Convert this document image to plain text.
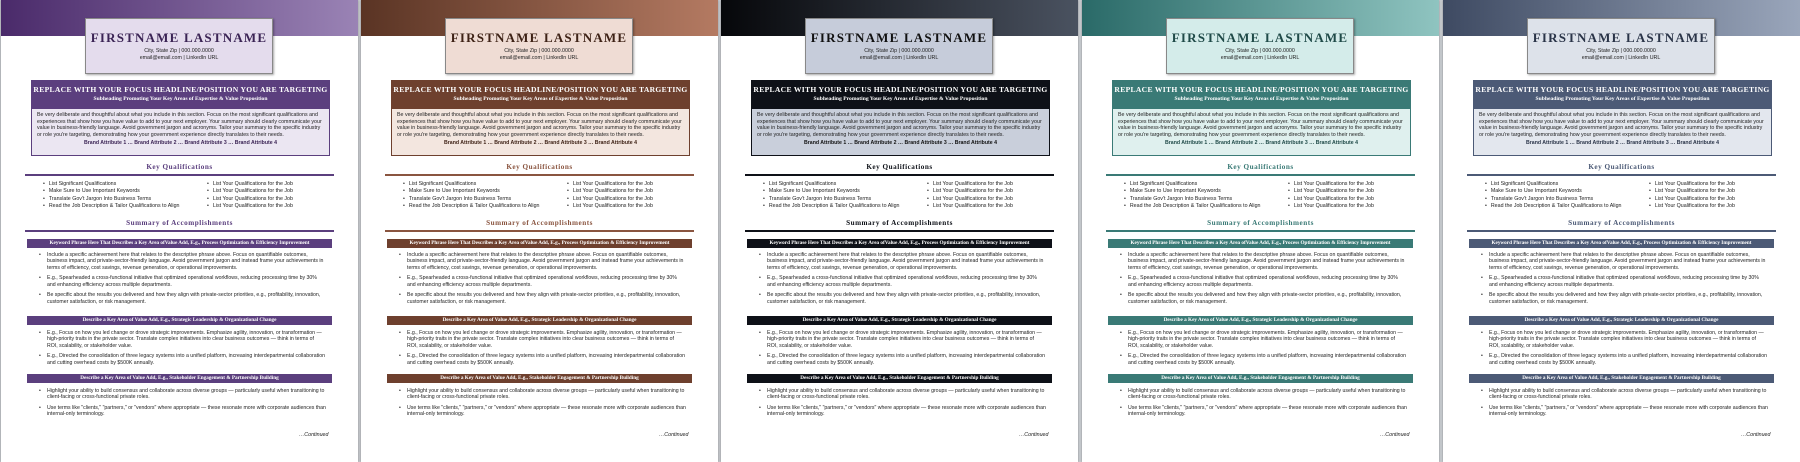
FIRSTNAME LASTNAME
City, State Zip | 000.000.0000
email@email.com | LinkedIn URL
REPLACE WITH YOUR FOCUS HEADLINE/POSITION YOU ARE TARGETING
Subheading Promoting Your Key Areas of Expertise & Value Proposition
Be very deliberate and thoughtful about what you include in this section. Focus on the most significant qualifications and experiences that show how you have value to add to your next employer. Your summary should clearly communicate your value in business-friendly language. Avoid government jargon and acronyms. Tailor your summary to the specific industry or role you're targeting, demonstrating how your government experience directly translates to their needs.
Brand Attribute 1 … Brand Attribute 2 … Brand Attribute 3 … Brand Attribute 4
Key Qualifications
• List Significant Qualifications	• List Your Qualifications for the Job
• Make Sure to Use Important Keywords	• List Your Qualifications for the Job
• Translate Gov't Jargon Into Business Terms	• List Your Qualifications for the Job
• Read the Job Description & Tailor Qualifications to Align	• List Your Qualifications for the Job
Summary of Accomplishments
Keyword Phrase Here That Describes a Key Area ofValue Add, E.g., Process Optimization & Efficiency Improvement
• Include a specific achievement here that relates to the descriptive phrase above. Focus on quantifiable outcomes, business impact, and private-sector-friendly language. Avoid government jargon and instead frame your achievements in terms of efficiency, cost savings, revenue generation, or operational improvements.
• E.g., Spearheaded a cross-functional initiative that optimized operational workflows, reducing processing time by 30% and enhancing efficiency across multiple departments.
• Be specific about the results you delivered and how they align with private-sector priorities, e.g., profitability, innovation, customer satisfaction, or risk management.
Describe a Key Area of Value Add, E.g., Strategic Leadership & Organizational Change
• E.g., Focus on how you led change or drove strategic improvements. Emphasize agility, innovation, or transformation — high-priority traits in the private sector. Translate complex initiatives into clear business outcomes — think in terms of ROI, scalability, or stakeholder value.
• E.g., Directed the consolidation of three legacy systems into a unified platform, increasing interdepartmental collaboration and cutting overhead costs by $500K annually.
Describe a Key Area of Value Add, E.g., Stakeholder Engagement & Partnership Building
• Highlight your ability to build consensus and collaborate across diverse groups — particularly useful when transitioning to client-facing or cross-functional private roles.
• Use terms like "clients," "partners," or "vendors" where appropriate — these resonate more with corporate audiences than internal-only terminology.
…Continued
FIRSTNAME LASTNAME
City, State Zip | 000.000.0000
email@email.com | LinkedIn URL
REPLACE WITH YOUR FOCUS HEADLINE/POSITION YOU ARE TARGETING
Subheading Promoting Your Key Areas of Expertise & Value Proposition
Be very deliberate and thoughtful about what you include in this section. Focus on the most significant qualifications and experiences that show how you have value to add to your next employer. Your summary should clearly communicate your value in business-friendly language. Avoid government jargon and acronyms. Tailor your summary to the specific industry or role you're targeting, demonstrating how your government experience directly translates to their needs.
Brand Attribute 1 … Brand Attribute 2 … Brand Attribute 3 … Brand Attribute 4
Key Qualifications
• List Significant Qualifications	• List Your Qualifications for the Job
• Make Sure to Use Important Keywords	• List Your Qualifications for the Job
• Translate Gov't Jargon Into Business Terms	• List Your Qualifications for the Job
• Read the Job Description & Tailor Qualifications to Align	• List Your Qualifications for the Job
Summary of Accomplishments
Keyword Phrase Here That Describes a Key Area ofValue Add, E.g., Process Optimization & Efficiency Improvement
• Include a specific achievement here that relates to the descriptive phrase above. Focus on quantifiable outcomes, business impact, and private-sector-friendly language. Avoid government jargon and instead frame your achievements in terms of efficiency, cost savings, revenue generation, or operational improvements.
• E.g., Spearheaded a cross-functional initiative that optimized operational workflows, reducing processing time by 30% and enhancing efficiency across multiple departments.
• Be specific about the results you delivered and how they align with private-sector priorities, e.g., profitability, innovation, customer satisfaction, or risk management.
Describe a Key Area of Value Add, E.g., Strategic Leadership & Organizational Change
• E.g., Focus on how you led change or drove strategic improvements. Emphasize agility, innovation, or transformation — high-priority traits in the private sector. Translate complex initiatives into clear business outcomes — think in terms of ROI, scalability, or stakeholder value.
• E.g., Directed the consolidation of three legacy systems into a unified platform, increasing interdepartmental collaboration and cutting overhead costs by $500K annually.
Describe a Key Area of Value Add, E.g., Stakeholder Engagement & Partnership Building
• Highlight your ability to build consensus and collaborate across diverse groups — particularly useful when transitioning to client-facing or cross-functional private roles.
• Use terms like "clients," "partners," or "vendors" where appropriate — these resonate more with corporate audiences than internal-only terminology.
…Continued
FIRSTNAME LASTNAME
City, State Zip | 000.000.0000
email@email.com | LinkedIn URL
REPLACE WITH YOUR FOCUS HEADLINE/POSITION YOU ARE TARGETING
Subheading Promoting Your Key Areas of Expertise & Value Proposition
Be very deliberate and thoughtful about what you include in this section. Focus on the most significant qualifications and experiences that show how you have value to add to your next employer. Your summary should clearly communicate your value in business-friendly language. Avoid government jargon and acronyms. Tailor your summary to the specific industry or role you're targeting, demonstrating how your government experience directly translates to their needs.
Brand Attribute 1 … Brand Attribute 2 … Brand Attribute 3 … Brand Attribute 4
Key Qualifications
• List Significant Qualifications	• List Your Qualifications for the Job
• Make Sure to Use Important Keywords	• List Your Qualifications for the Job
• Translate Gov't Jargon Into Business Terms	• List Your Qualifications for the Job
• Read the Job Description & Tailor Qualifications to Align	• List Your Qualifications for the Job
Summary of Accomplishments
Keyword Phrase Here That Describes a Key Area ofValue Add, E.g., Process Optimization & Efficiency Improvement
• Include a specific achievement here that relates to the descriptive phrase above. Focus on quantifiable outcomes, business impact, and private-sector-friendly language. Avoid government jargon and instead frame your achievements in terms of efficiency, cost savings, revenue generation, or operational improvements.
• E.g., Spearheaded a cross-functional initiative that optimized operational workflows, reducing processing time by 30% and enhancing efficiency across multiple departments.
• Be specific about the results you delivered and how they align with private-sector priorities, e.g., profitability, innovation, customer satisfaction, or risk management.
Describe a Key Area of Value Add, E.g., Strategic Leadership & Organizational Change
• E.g., Focus on how you led change or drove strategic improvements. Emphasize agility, innovation, or transformation — high-priority traits in the private sector. Translate complex initiatives into clear business outcomes — think in terms of ROI, scalability, or stakeholder value.
• E.g., Directed the consolidation of three legacy systems into a unified platform, increasing interdepartmental collaboration and cutting overhead costs by $500K annually.
Describe a Key Area of Value Add, E.g., Stakeholder Engagement & Partnership Building
• Highlight your ability to build consensus and collaborate across diverse groups — particularly useful when transitioning to client-facing or cross-functional private roles.
• Use terms like "clients," "partners," or "vendors" where appropriate — these resonate more with corporate audiences than internal-only terminology.
…Continued
FIRSTNAME LASTNAME
City, State Zip | 000.000.0000
email@email.com | LinkedIn URL
REPLACE WITH YOUR FOCUS HEADLINE/POSITION YOU ARE TARGETING
Subheading Promoting Your Key Areas of Expertise & Value Proposition
Be very deliberate and thoughtful about what you include in this section. Focus on the most significant qualifications and experiences that show how you have value to add to your next employer. Your summary should clearly communicate your value in business-friendly language. Avoid government jargon and acronyms. Tailor your summary to the specific industry or role you're targeting, demonstrating how your government experience directly translates to their needs.
Brand Attribute 1 … Brand Attribute 2 … Brand Attribute 3 … Brand Attribute 4
Key Qualifications
• List Significant Qualifications	• List Your Qualifications for the Job
• Make Sure to Use Important Keywords	• List Your Qualifications for the Job
• Translate Gov't Jargon Into Business Terms	• List Your Qualifications for the Job
• Read the Job Description & Tailor Qualifications to Align	• List Your Qualifications for the Job
Summary of Accomplishments
Keyword Phrase Here That Describes a Key Area ofValue Add, E.g., Process Optimization & Efficiency Improvement
• Include a specific achievement here that relates to the descriptive phrase above. Focus on quantifiable outcomes, business impact, and private-sector-friendly language. Avoid government jargon and instead frame your achievements in terms of efficiency, cost savings, revenue generation, or operational improvements.
• E.g., Spearheaded a cross-functional initiative that optimized operational workflows, reducing processing time by 30% and enhancing efficiency across multiple departments.
• Be specific about the results you delivered and how they align with private-sector priorities, e.g., profitability, innovation, customer satisfaction, or risk management.
Describe a Key Area of Value Add, E.g., Strategic Leadership & Organizational Change
• E.g., Focus on how you led change or drove strategic improvements. Emphasize agility, innovation, or transformation — high-priority traits in the private sector. Translate complex initiatives into clear business outcomes — think in terms of ROI, scalability, or stakeholder value.
• E.g., Directed the consolidation of three legacy systems into a unified platform, increasing interdepartmental collaboration and cutting overhead costs by $500K annually.
Describe a Key Area of Value Add, E.g., Stakeholder Engagement & Partnership Building
• Highlight your ability to build consensus and collaborate across diverse groups — particularly useful when transitioning to client-facing or cross-functional private roles.
• Use terms like "clients," "partners," or "vendors" where appropriate — these resonate more with corporate audiences than internal-only terminology.
…Continued
FIRSTNAME LASTNAME
City, State Zip | 000.000.0000
email@email.com | LinkedIn URL
REPLACE WITH YOUR FOCUS HEADLINE/POSITION YOU ARE TARGETING
Subheading Promoting Your Key Areas of Expertise & Value Proposition
Be very deliberate and thoughtful about what you include in this section. Focus on the most significant qualifications and experiences that show how you have value to add to your next employer. Your summary should clearly communicate your value in business-friendly language. Avoid government jargon and acronyms. Tailor your summary to the specific industry or role you're targeting, demonstrating how your government experience directly translates to their needs.
Brand Attribute 1 … Brand Attribute 2 … Brand Attribute 3 … Brand Attribute 4
Key Qualifications
• List Significant Qualifications	• List Your Qualifications for the Job
• Make Sure to Use Important Keywords	• List Your Qualifications for the Job
• Translate Gov't Jargon Into Business Terms	• List Your Qualifications for the Job
• Read the Job Description & Tailor Qualifications to Align	• List Your Qualifications for the Job
Summary of Accomplishments
Keyword Phrase Here That Describes a Key Area ofValue Add, E.g., Process Optimization & Efficiency Improvement
• Include a specific achievement here that relates to the descriptive phrase above. Focus on quantifiable outcomes, business impact, and private-sector-friendly language. Avoid government jargon and instead frame your achievements in terms of efficiency, cost savings, revenue generation, or operational improvements.
• E.g., Spearheaded a cross-functional initiative that optimized operational workflows, reducing processing time by 30% and enhancing efficiency across multiple departments.
• Be specific about the results you delivered and how they align with private-sector priorities, e.g., profitability, innovation, customer satisfaction, or risk management.
Describe a Key Area of Value Add, E.g., Strategic Leadership & Organizational Change
• E.g., Focus on how you led change or drove strategic improvements. Emphasize agility, innovation, or transformation — high-priority traits in the private sector. Translate complex initiatives into clear business outcomes — think in terms of ROI, scalability, or stakeholder value.
• E.g., Directed the consolidation of three legacy systems into a unified platform, increasing interdepartmental collaboration and cutting overhead costs by $500K annually.
Describe a Key Area of Value Add, E.g., Stakeholder Engagement & Partnership Building
• Highlight your ability to build consensus and collaborate across diverse groups — particularly useful when transitioning to client-facing or cross-functional private roles.
• Use terms like "clients," "partners," or "vendors" where appropriate — these resonate more with corporate audiences than internal-only terminology.
…Continued
